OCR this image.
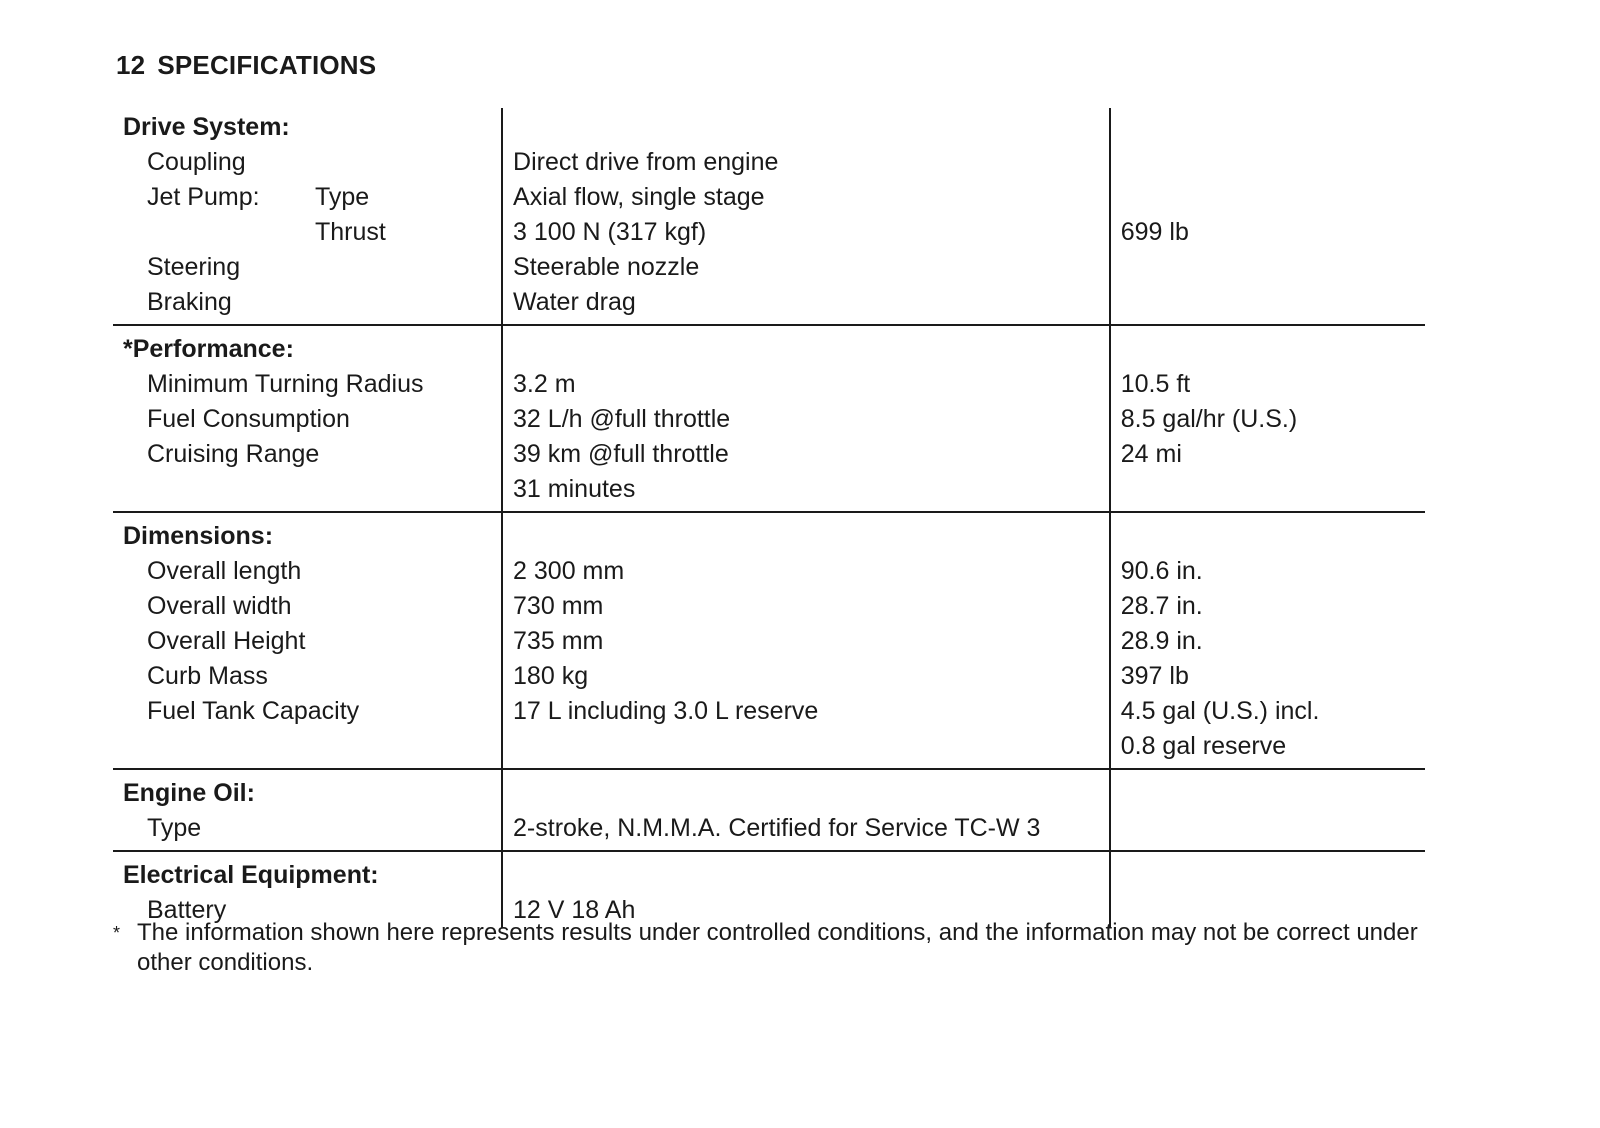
12 SPECIFICATIONS
Drive System:		

Coupling	Direct drive from engine	

Jet Pump: Type	Axial flow, single stage	

Thrust	3 100 N (317 kgf)	699 lb

Steering	Steerable nozzle	

Braking	Water drag	
*Performance:		

Minimum Turning Radius	3.2 m	10.5 ft

Fuel Consumption	32 L/h @full throttle	8.5 gal/hr (U.S.)

Cruising Range	39 km @full throttle	24 mi
	31 minutes	
Dimensions:		

Overall length	2 300 mm	90.6 in.

Overall width	730 mm	28.7 in.

Overall Height	735 mm	28.9 in.

Curb Mass	180 kg	397 lb

Fuel Tank Capacity	17 L including 3.0 L reserve	4.5 gal (U.S.) incl.
		0.8 gal reserve
Engine Oil:		

Type	2-stroke, N.M.M.A. Certified for Service TC-W 3	
Electrical Equipment:		

Battery	12 V 18 Ah	
* The information shown here represents results under controlled conditions, and the information may not be correct under other conditions.
